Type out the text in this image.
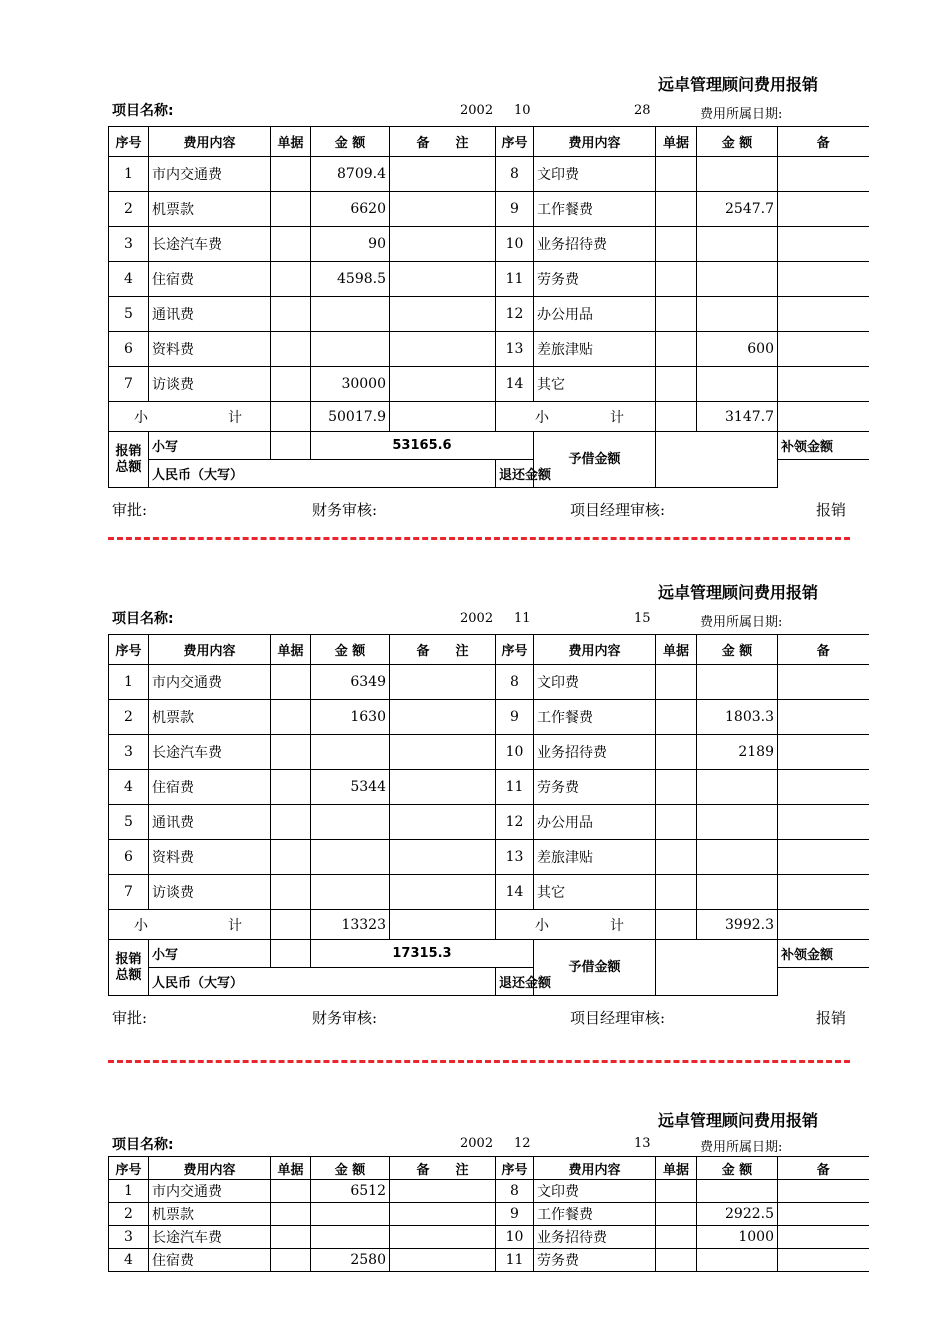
远卓管理顾问费用报销
项目名称:	2002 10	28	费用所属日期:
序号	费用内容	单据	金 额	备　　注	序号	费用内容	单据	金 额	备
1	市内交通费		8709.4		8	文印费			
2	机票款		6620		9	工作餐费		2547.7	
3	长途汽车费		90		10	业务招待费			
4	住宿费		4598.5		11	劳务费			
5	通讯费				12	办公用品			
6	资料费				13	差旅津贴		600	
7	访谈费		30000		14	其它			

小 计			50017.9		小 计			3147.7	
报销总额	小写		53165.6			予借金额			补领金额
	人民币（大写）				退还金额				
审批:	财务审核:	项目经理审核:	报销
远卓管理顾问费用报销
项目名称:	2002 11	15	费用所属日期:
序号	费用内容	单据	金 额	备　　注	序号	费用内容	单据	金 额	备
1	市内交通费		6349		8	文印费			
2	机票款		1630		9	工作餐费		1803.3	
3	长途汽车费				10	业务招待费		2189	
4	住宿费		5344		11	劳务费			
5	通讯费				12	办公用品			
6	资料费				13	差旅津贴			
7	访谈费				14	其它			

小 计			13323		小 计			3992.3	
报销总额	小写		17315.3			予借金额			补领金额
	人民币（大写）				退还金额				
审批:	财务审核:	项目经理审核:	报销
远卓管理顾问费用报销
项目名称:	2002 12	13	费用所属日期:
序号	费用内容	单据	金 额	备　　注	序号	费用内容	单据	金 额	备
1	市内交通费		6512		8	文印费			
2	机票款				9	工作餐费		2922.5	
3	长途汽车费				10	业务招待费		1000	
4	住宿费		2580		11	劳务费			
